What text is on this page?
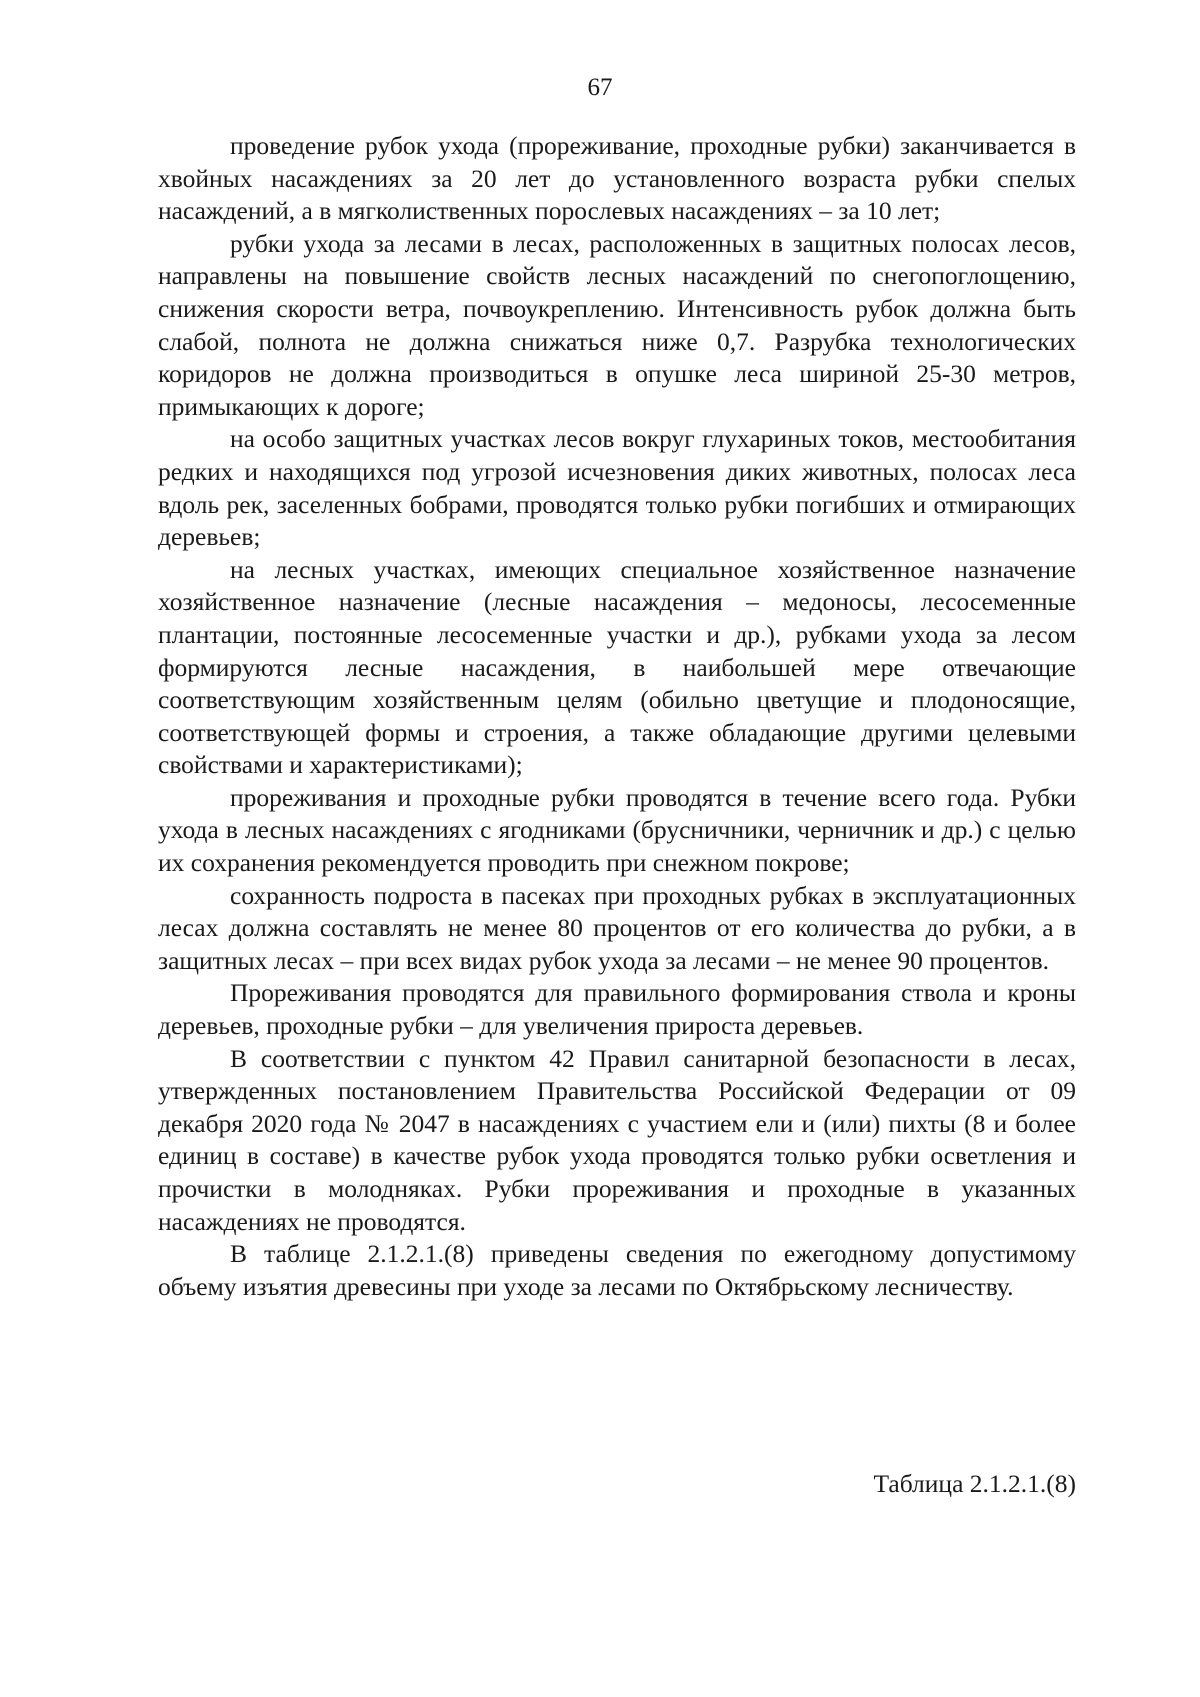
67

проведение рубок ухода (прореживание, проходные рубки) заканчивается в хвойных насаждениях за 20 лет до установленного возраста рубки спелых насаждений, а в мягколиственных порослевых насаждениях – за 10 лет;

рубки ухода за лесами в лесах, расположенных в защитных полосах лесов, направлены на повышение свойств лесных насаждений по снегопоглощению, снижения скорости ветра, почвоукреплению. Интенсивность рубок должна быть слабой, полнота не должна снижаться ниже 0,7. Разрубка технологических коридоров не должна производиться в опушке леса шириной 25-30 метров, примыкающих к дороге;

на особо защитных участках лесов вокруг глухариных токов, местообитания редких и находящихся под угрозой исчезновения диких животных, полосах леса вдоль рек, заселенных бобрами, проводятся только рубки погибших и отмирающих деревьев;

на лесных участках, имеющих специальное хозяйственное назначение хозяйственное назначение (лесные насаждения – медоносы, лесосеменные плантации, постоянные лесосеменные участки и др.), рубками ухода за лесом формируются лесные насаждения, в наибольшей мере отвечающие соответствующим хозяйственным целям (обильно цветущие и плодоносящие, соответствующей формы и строения, а также обладающие другими целевыми свойствами и характеристиками);

прореживания и проходные рубки проводятся в течение всего года. Рубки ухода в лесных насаждениях с ягодниками (брусничники, черничник и др.) с целью их сохранения рекомендуется проводить при снежном покрове;

сохранность подроста в пасеках при проходных рубках в эксплуатационных лесах должна составлять не менее 80 процентов от его количества до рубки, а в защитных лесах – при всех видах рубок ухода за лесами – не менее 90 процентов.

Прореживания проводятся для правильного формирования ствола и кроны деревьев, проходные рубки – для увеличения прироста деревьев.

В соответствии с пунктом 42 Правил санитарной безопасности в лесах, утвержденных постановлением Правительства Российской Федерации от 09 декабря 2020 года № 2047 в насаждениях с участием ели и (или) пихты (8 и более единиц в составе) в качестве рубок ухода проводятся только рубки осветления и прочистки в молодняках. Рубки прореживания и проходные в указанных насаждениях не проводятся.

В таблице 2.1.2.1.(8) приведены сведения по ежегодному допустимому объему изъятия древесины при уходе за лесами по Октябрьскому лесничеству.

Таблица 2.1.2.1.(8)
